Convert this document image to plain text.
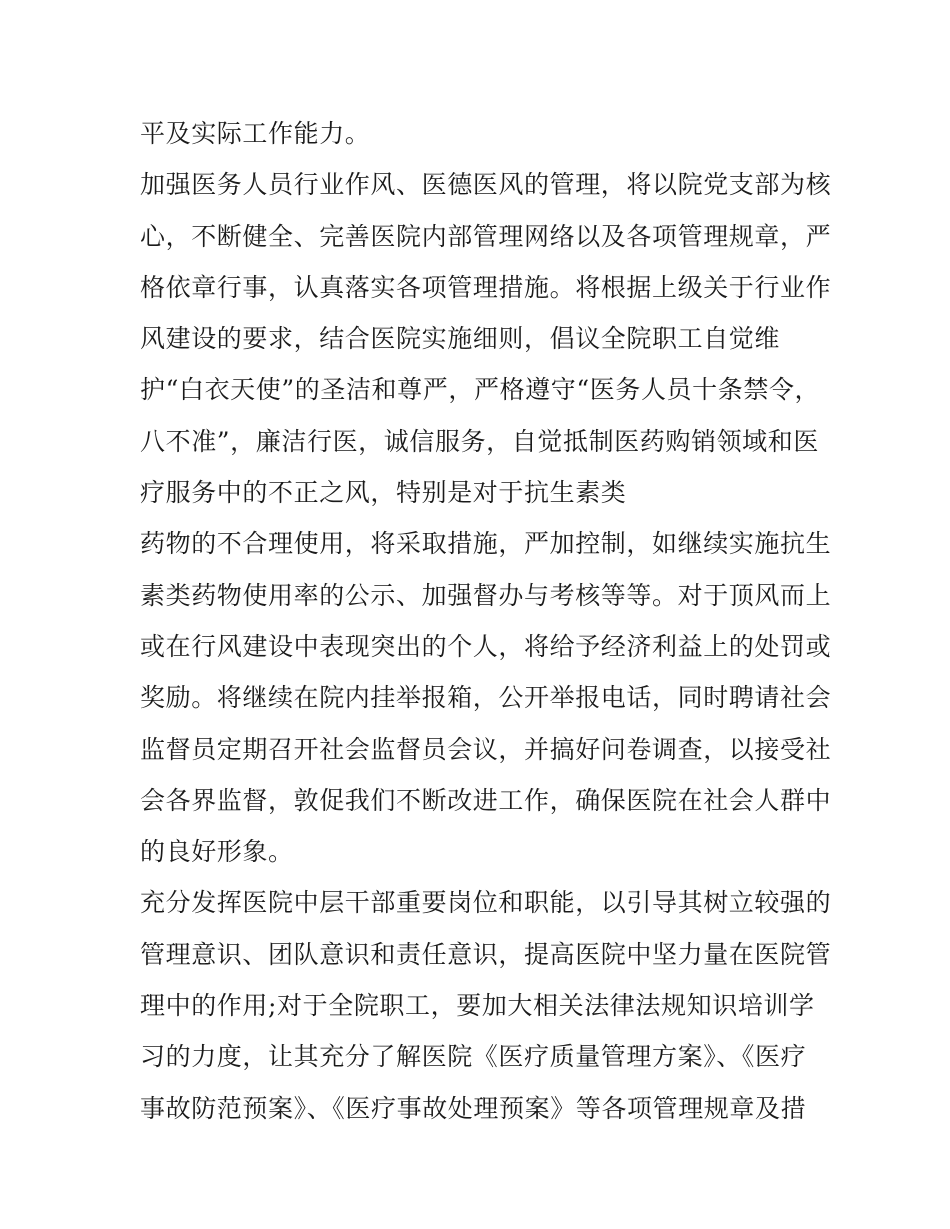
平及实际工作能力。
加强医务人员行业作风、医德医风的管理，将以院党支部为核
心，不断健全、完善医院内部管理网络以及各项管理规章，严
格依章行事，认真落实各项管理措施。将根据上级关于行业作
风建设的要求，结合医院实施细则，倡议全院职工自觉维
护“白衣天使”的圣洁和尊严，严格遵守“医务人员十条禁令，
八不准”，廉洁行医，诚信服务，自觉抵制医药购销领域和医
疗服务中的不正之风，特别是对于抗生素类
药物的不合理使用，将采取措施，严加控制，如继续实施抗生
素类药物使用率的公示、加强督办与考核等等。对于顶风而上
或在行风建设中表现突出的个人，将给予经济利益上的处罚或
奖励。将继续在院内挂举报箱，公开举报电话，同时聘请社会
监督员定期召开社会监督员会议，并搞好问卷调查，以接受社
会各界监督，敦促我们不断改进工作，确保医院在社会人群中
的良好形象。
充分发挥医院中层干部重要岗位和职能，以引导其树立较强的
管理意识、团队意识和责任意识，提高医院中坚力量在医院管
理中的作用;对于全院职工，要加大相关法律法规知识培训学
习的力度，让其充分了解医院《医疗质量管理方案》、《医疗
事故防范预案》、《医疗事故处理预案》等各项管理规章及措
